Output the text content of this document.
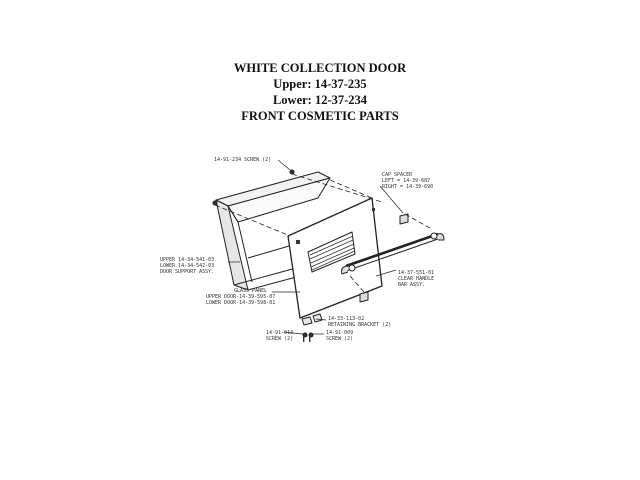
WHITE COLLECTION DOOR
Upper: 14-37-235
Lower: 12-37-234
FRONT COSMETIC PARTS
14-91-234 SCREW (2)
CAP SPACER
LEFT = 14-39-687
RIGHT = 14-39-690
UPPER 14-34-541-03
LOWER 14-34-542-03
DOOR SUPPORT ASSY.	14-37-551-01
CLEAR HANDLE
BAR ASSY.
GLASS PANEL
UPPER DOOR-14-39-595-07
LOWER DOOR-14-39-598-01
14-33-113-02
RETAINING BRACKET (2)
14-91-013
SCREW (2)
14-91-009
SCREW (2)
